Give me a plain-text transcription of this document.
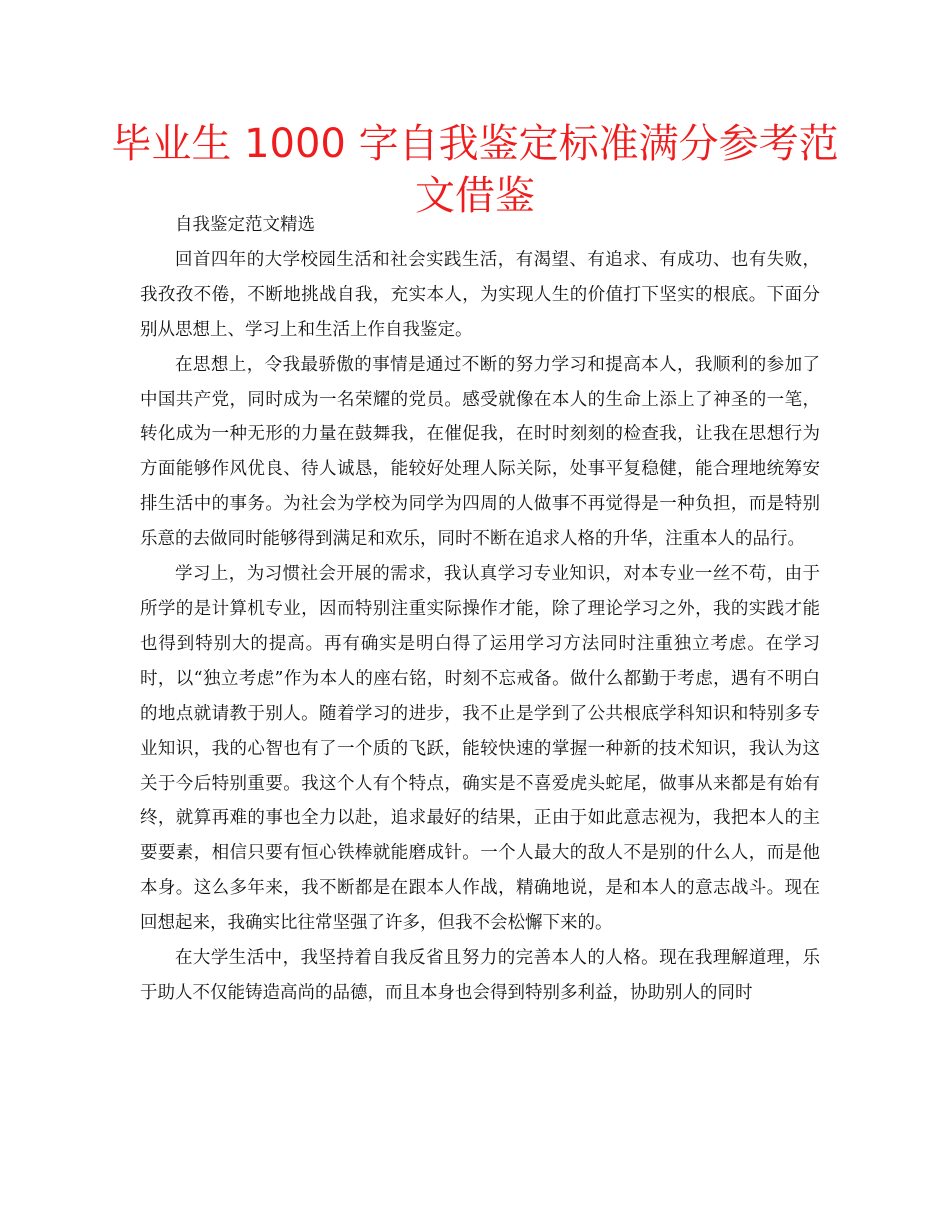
毕业生 1000 字自我鉴定标准满分参考范文借鉴

自我鉴定范文精选

回首四年的大学校园生活和社会实践生活，有渴望、有追求、有成功、也有失败，我孜孜不倦，不断地挑战自我，充实本人，为实现人生的价值打下坚实的根底。下面分别从思想上、学习上和生活上作自我鉴定。

在思想上，令我最骄傲的事情是通过不断的努力学习和提高本人，我顺利的参加了中国共产党，同时成为一名荣耀的党员。感受就像在本人的生命上添上了神圣的一笔，转化成为一种无形的力量在鼓舞我，在催促我，在时时刻刻的检查我，让我在思想行为方面能够作风优良、待人诚恳，能较好处理人际关际，处事平复稳健，能合理地统筹安排生活中的事务。为社会为学校为同学为四周的人做事不再觉得是一种负担，而是特别乐意的去做同时能够得到满足和欢乐，同时不断在追求人格的升华，注重本人的品行。

学习上，为习惯社会开展的需求，我认真学习专业知识，对本专业一丝不苟，由于所学的是计算机专业，因而特别注重实际操作才能，除了理论学习之外，我的实践才能也得到特别大的提高。再有确实是明白得了运用学习方法同时注重独立考虑。在学习时，以“独立考虑”作为本人的座右铭，时刻不忘戒备。做什么都勤于考虑，遇有不明白的地点就请教于别人。随着学习的进步，我不止是学到了公共根底学科知识和特别多专业知识，我的心智也有了一个质的飞跃，能较快速的掌握一种新的技术知识，我认为这关于今后特别重要。我这个人有个特点，确实是不喜爱虎头蛇尾，做事从来都是有始有终，就算再难的事也全力以赴，追求最好的结果，正由于如此意志视为，我把本人的主要要素，相信只要有恒心铁棒就能磨成针。一个人最大的敌人不是别的什么人，而是他本身。这么多年来，我不断都是在跟本人作战，精确地说，是和本人的意志战斗。现在回想起来，我确实比往常坚强了许多，但我不会松懈下来的。

在大学生活中，我坚持着自我反省且努力的完善本人的人格。现在我理解道理，乐于助人不仅能铸造高尚的品德，而且本身也会得到特别多利益，协助别人的同时
